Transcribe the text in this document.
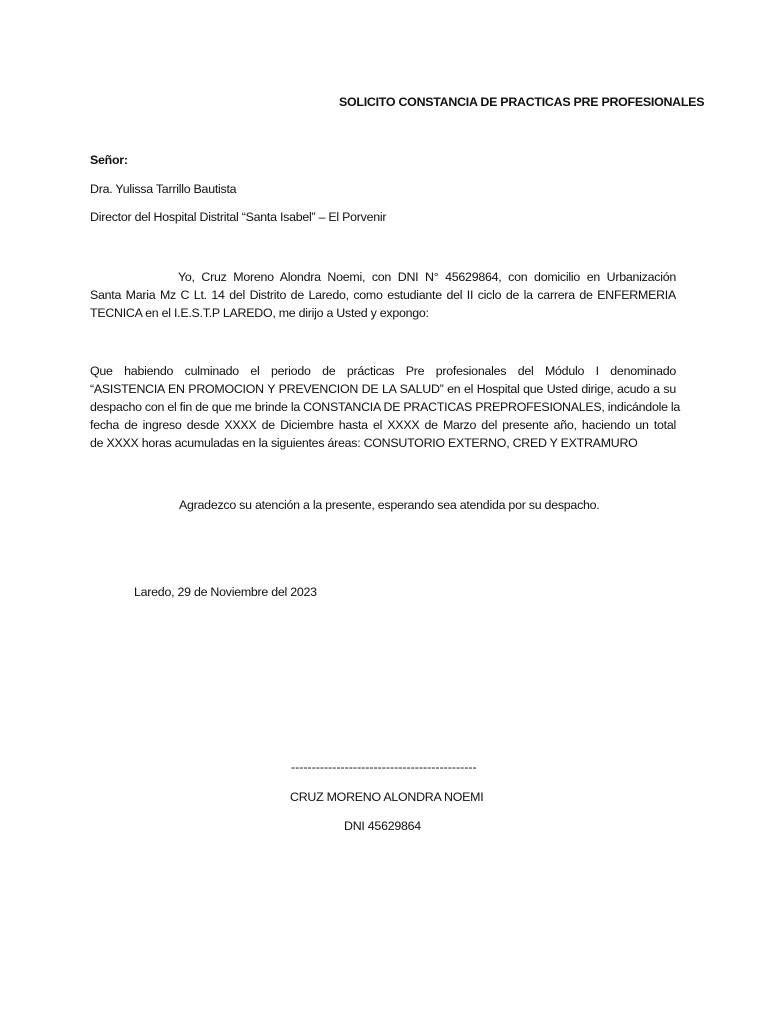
SOLICITO CONSTANCIA DE PRACTICAS PRE PROFESIONALES
Señor:
Dra. Yulissa Tarrillo Bautista
Director del Hospital Distrital “Santa Isabel” – El Porvenir
Yo, Cruz Moreno Alondra Noemi, con DNI N° 45629864, con domicilio en Urbanización
Santa Maria Mz C Lt. 14 del Distrito de Laredo, como estudiante del II ciclo de la carrera de ENFERMERIA
TECNICA en el I.E.S.T.P LAREDO, me dirijo a Usted y expongo:
Que habiendo culminado el periodo de prácticas Pre profesionales del Módulo I denominado
“ASISTENCIA EN PROMOCION Y PREVENCION DE LA SALUD” en el Hospital que Usted dirige, acudo a su
despacho con el fin de que me brinde la CONSTANCIA DE PRACTICAS PREPROFESIONALES, indicándole la
fecha de ingreso desde XXXX de Diciembre hasta el XXXX de Marzo del presente año, haciendo un total
de XXXX horas acumuladas en la siguientes áreas: CONSUTORIO EXTERNO, CRED Y EXTRAMURO
Agradezco su atención a la presente, esperando sea atendida por su despacho.
Laredo, 29 de Noviembre del 2023
---------------------------------------------
CRUZ MORENO ALONDRA NOEMI
DNI 45629864
